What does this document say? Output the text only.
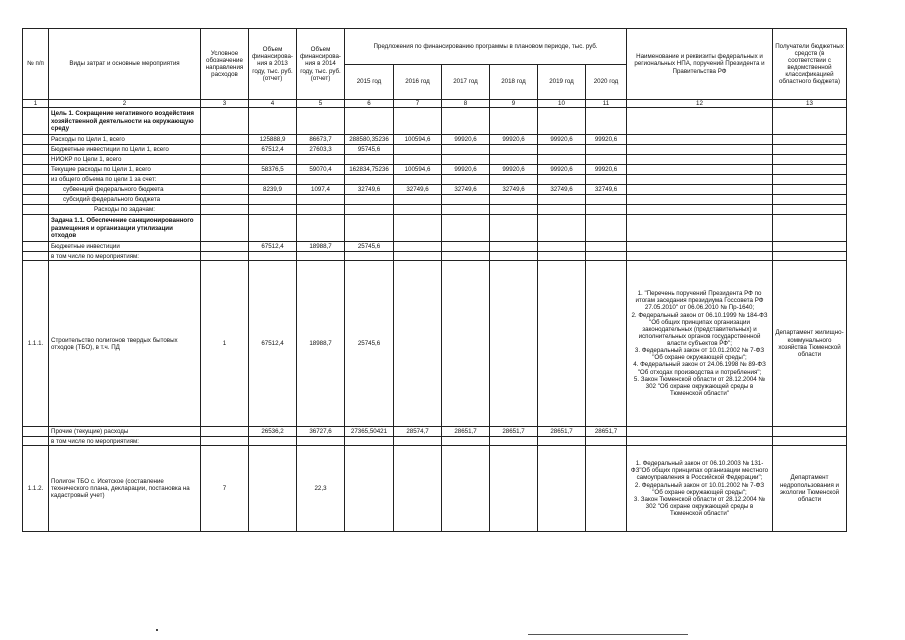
№ п/п	Виды затрат и основные мероприятия	Условное обозначение направления расходов	Объем финансирова-ния в 2013 году, тыс. руб. (отчет)	Объем финансирова-ния в 2014 году, тыс. руб. (отчет)	Предложения по финансированию программы в плановом периоде, тыс. руб.						Наименование и реквизиты федеральных и региональных НПА, поручений Президента и Правительства РФ	Получатели бюджетных средств (в соответствии с ведомственной классификацией областного бюджета)
					2015 год	2016 год	2017 год	2018 год	2019 год	2020 год		
1	2	3	4	5	6	7	8	9	10	11	12	13
	Цель 1. Сокращение негативного воздействия хозяйственной деятельности на окружающую среду											
	Расходы по Цели 1, всего		125888,9	86673,7	288580,35236	100594,6	99920,6	99920,6	99920,6	99920,6		
	Бюджетные инвестиции по Цели 1, всего		67512,4	27603,3	95745,6							
	НИОКР по Цели 1, всего											
	Текущие расходы по Цели 1, всего		58376,5	59070,4	162834,75236	100594,6	99920,6	99920,6	99920,6	99920,6		
	из общего объема по цели 1 за счет:											
	субвенций федерального бюджета		8239,9	1097,4	32749,6	32749,6	32749,6	32749,6	32749,6	32749,6		
	субсидий федерального бюджета											
	Расходы по задачам:											
	Задача 1.1. Обеспечение санкционированного размещения и организации утилизации отходов											
	Бюджетные инвестиции		67512,4	18988,7	25745,6							
	в том числе по мероприятиям:											
1.1.1.	Строительство полигонов твердых бытовых отходов (ТБО), в т.ч. ПД	1	67512,4	18988,7	25745,6						1. "Перечень поручений Президента РФ по итогам заседания президиума Госсовета РФ 27.05.2010" от 06.06.2010 № Пр-1640;
2. Федеральный закон от 06.10.1999 № 184-ФЗ "Об общих принципах организации законодательных (представительных) и исполнительных органов государственной власти субъектов РФ";
3. Федеральный закон от 10.01.2002 № 7-ФЗ "Об охране окружающей среды";
4. Федеральный закон от 24.06.1998 № 89-ФЗ "Об отходах производства и потребления";
5. Закон Тюменской области от 28.12.2004 № 302 "Об охране окружающей среды в Тюменской области"	Департамент жилищно-коммунального хозяйства Тюменской области
	Прочие (текущие) расходы		26536,2	36727,6	27365,50421	28574,7	28651,7	28651,7	28651,7	28651,7		
	в том числе по мероприятиям:											
1.1.2.	Полигон ТБО с. Исетское (составление технического плана, декларации, постановка на кадастровый учет)	7		22,3							1. Федеральный закон от 06.10.2003 № 131-ФЗ"Об общих принципах организации местного самоуправления в Российской Федерации";
2. Федеральный закон от 10.01.2002 № 7-ФЗ "Об охране окружающей среды";
3. Закон Тюменской области от 28.12.2004 № 302 "Об охране окружающей среды в Тюменской области"	Департамент недропользования и экологии Тюменской области
